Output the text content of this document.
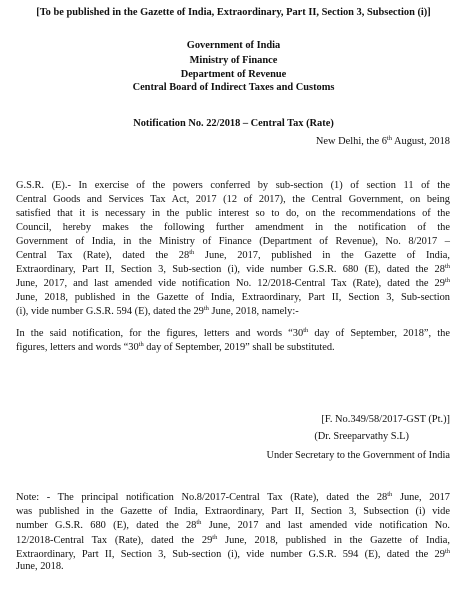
[To be published in the Gazette of India, Extraordinary, Part II, Section 3, Subsection (i)]
Government of India
Ministry of Finance
Department of Revenue
Central Board of Indirect Taxes and Customs
Notification No. 22/2018 – Central Tax (Rate)
New Delhi, the 6th August, 2018
G.S.R. (E).- In exercise of the powers conferred by sub-section (1) of section 11 of the
Central Goods and Services Tax Act, 2017 (12 of 2017), the Central Government, on being
satisfied that it is necessary in the public interest so to do, on the recommendations of the
Council, hereby makes the following further amendment in the notification of the
Government of India, in the Ministry of Finance (Department of Revenue), No. 8/2017 –
Central Tax (Rate), dated the 28th June, 2017, published in the Gazette of India,
Extraordinary, Part II, Section 3, Sub-section (i), vide number G.S.R. 680 (E), dated the 28th
June, 2017, and last amended vide notification No. 12/2018-Central Tax (Rate), dated the 29th
June, 2018, published in the Gazette of India, Extraordinary, Part II, Section 3, Sub-section
(i), vide number G.S.R. 594 (E), dated the 29th June, 2018, namely:-
In the said notification, for the figures, letters and words “30th day of September, 2018”, the
figures, letters and words “30th day of September, 2019” shall be substituted.
[F. No.349/58/2017-GST (Pt.)]
(Dr. Sreeparvathy S.L)
Under Secretary to the Government of India
Note: - The principal notification No.8/2017-Central Tax (Rate), dated the 28th June, 2017
was published in the Gazette of India, Extraordinary, Part II, Section 3, Subsection (i) vide
number G.S.R. 680 (E), dated the 28th June, 2017 and last amended vide notification No.
12/2018-Central Tax (Rate), dated the 29th June, 2018, published in the Gazette of India,
Extraordinary, Part II, Section 3, Sub-section (i), vide number G.S.R. 594 (E), dated the 29th
June, 2018.
